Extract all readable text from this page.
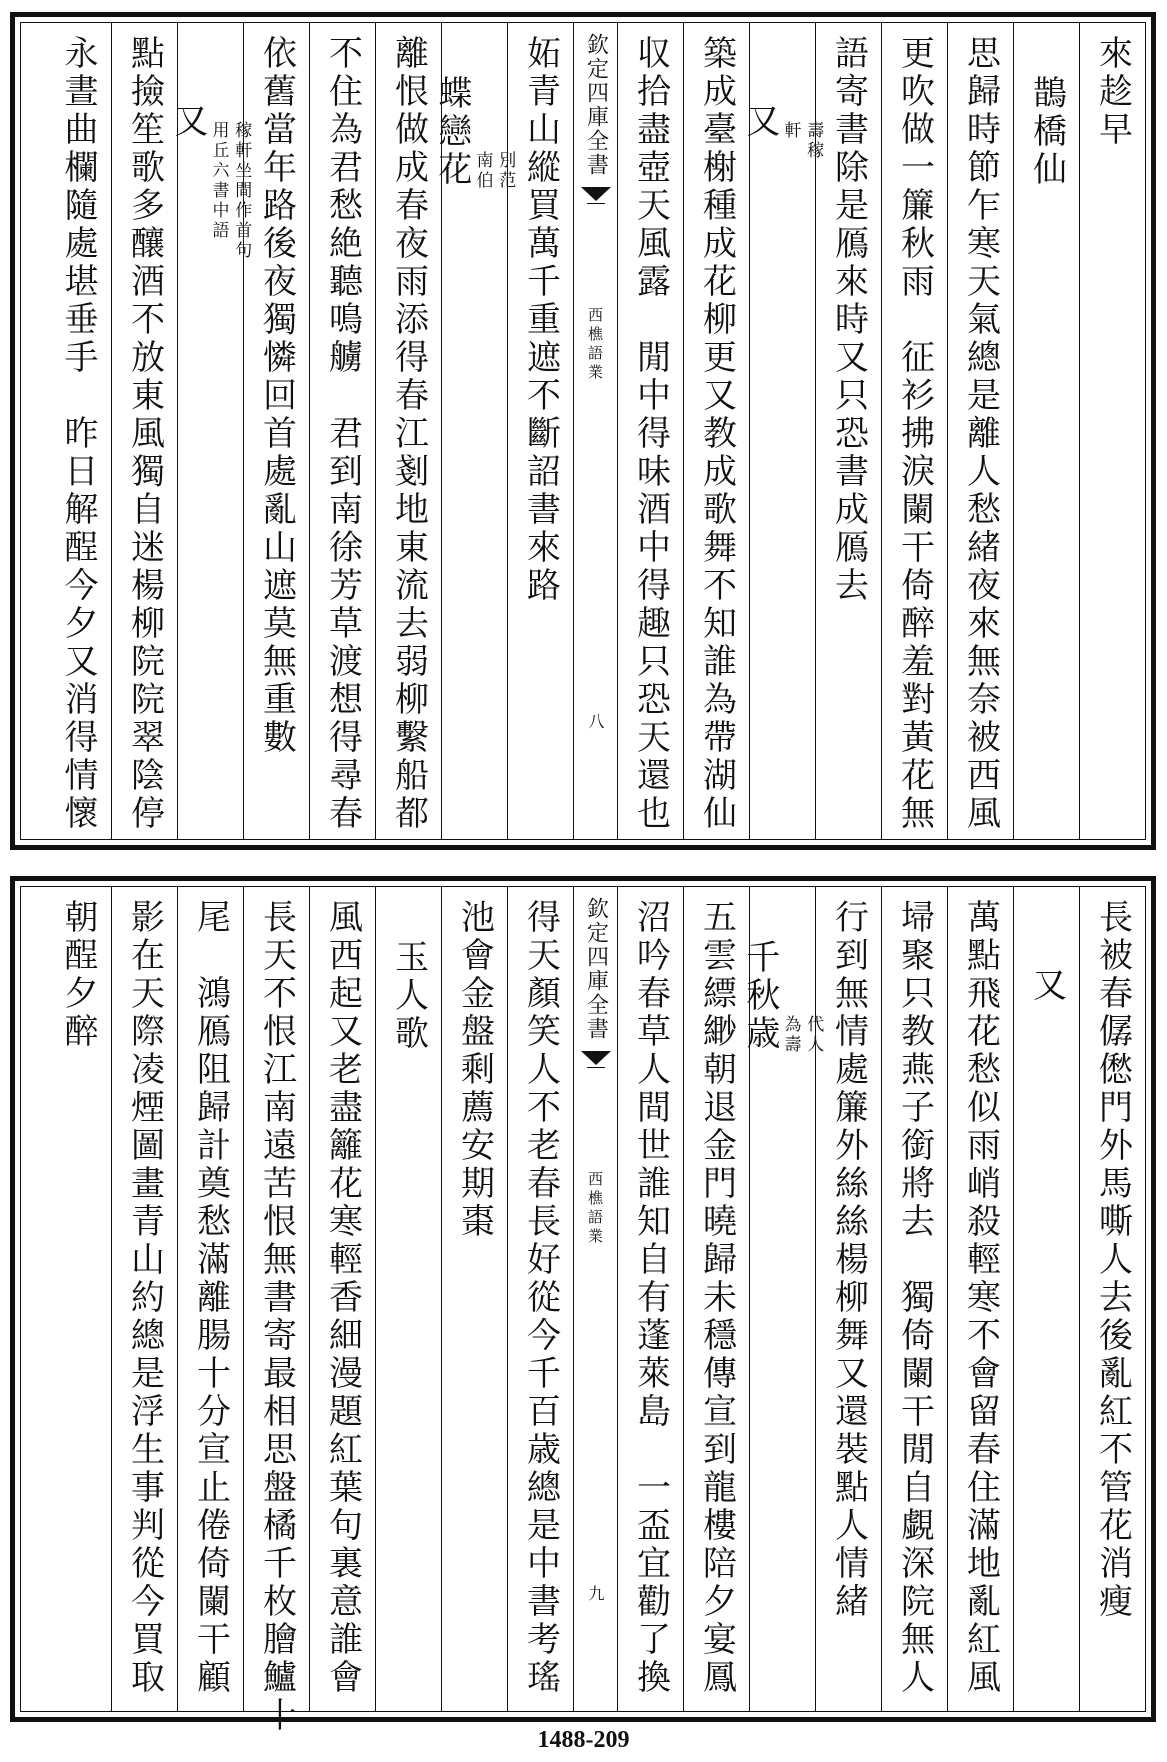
來趁早
鵲橋仙
思歸時節乍寒天氣總是離人愁緒夜來無奈被西風
更吹做一簾秋雨　征衫拂淚闌干倚醉羞對黃花無
語寄書除是鴈來時又只恐書成鴈去
又 壽稼
軒
築成臺榭種成花柳更又教成歌舞不知誰為帶湖仙
収拾盡壺天風露　閒中得味酒中得趣只恐天還也
欽定四庫全書
西樵語業
八
妬青山縱買萬千重遮不斷詔書來路
蝶戀花 別范
南伯
離恨做成春夜雨添得春江剗地東流去弱柳繫船都
不住為君愁絶聽鳴艣　君到南徐芳草渡想得尋春
依舊當年路後夜獨憐回首處亂山遮莫無重數
又 稼軒坐間作首句
用丘六書中語
點撿笙歌多釀酒不放東風獨自迷楊柳院院翠陰停
永晝曲欄隨處堪垂手　昨日解酲今夕又消得情懷
長被春僝僽門外馬嘶人去後亂紅不管花消瘦
又
萬點飛花愁似雨峭殺輕寒不會留春住滿地亂紅風
埽聚只教燕子銜將去　獨倚闌干閒自覷深院無人
行到無情處簾外絲絲楊柳舞又還裝點人情緒
千秋歳 代人
為壽
五雲縹緲朝退金門曉歸未穩傳宣到龍樓陪夕宴鳳
沼吟春草人間世誰知自有蓬萊島　一盃宜勸了換
欽定四庫全書
西樵語業
九
得天顏笑人不老春長好從今千百歳總是中書考瑤
池會金盤剩薦安期棗
玉人歌
風西起又老盡籬花寒輕香細漫題紅葉句裏意誰會
長天不恨江南遠苦恨無書寄最相思盤橘千枚膾鱸十
尾　鴻鴈阻歸計奠愁滿離腸十分宣止倦倚闌干顧
影在天際凌煙圖畫青山約總是浮生事判從今買取
朝酲夕醉
1488-209
